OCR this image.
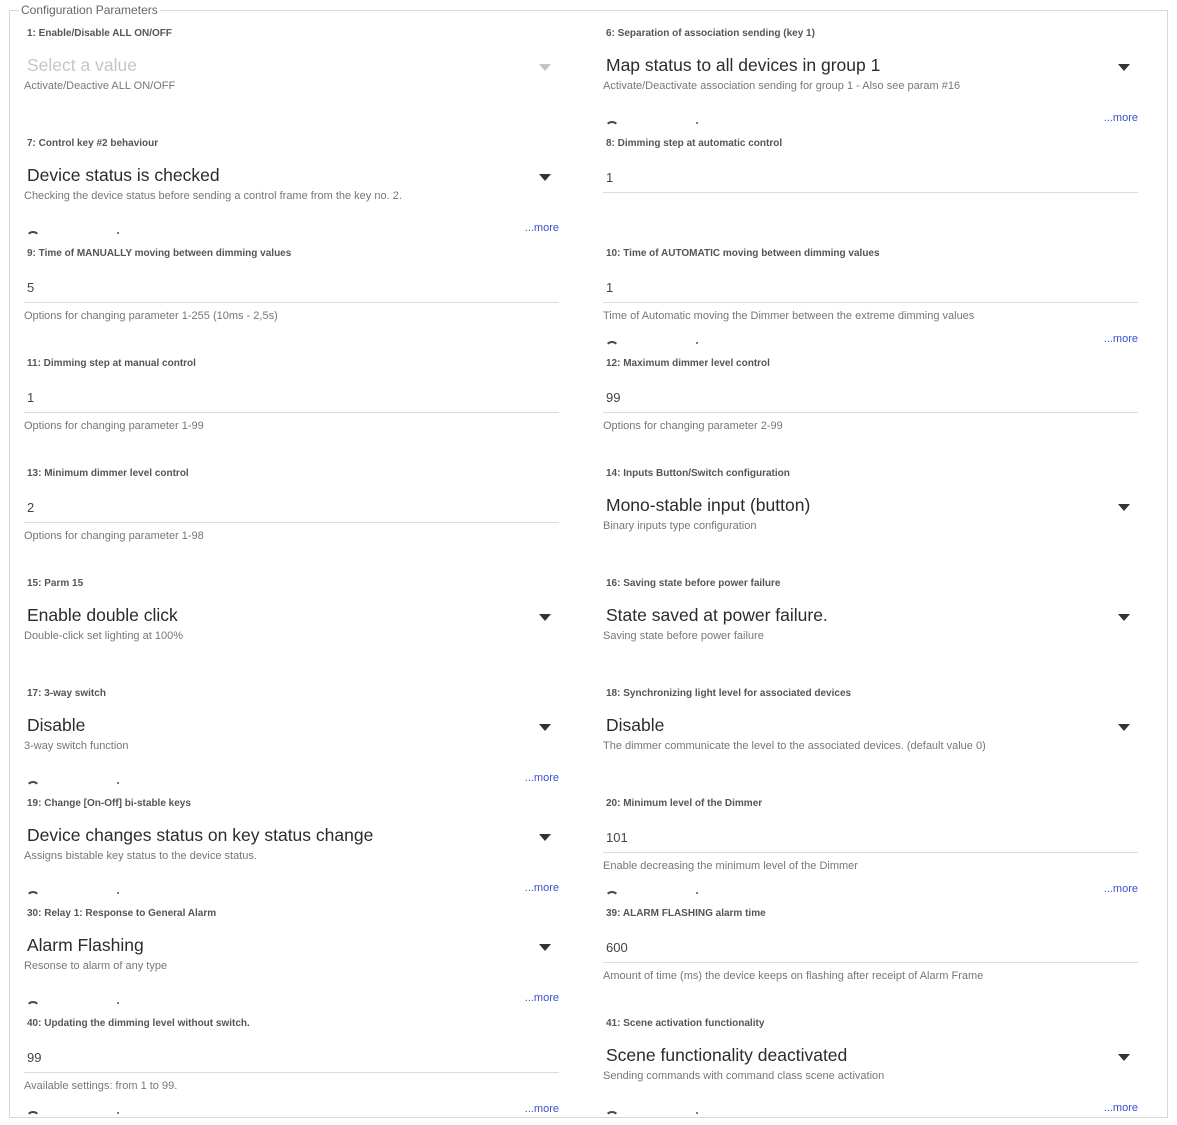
Configuration Parameters
1: Enable/Disable ALL ON/OFF
Select a value
Activate/Deactive ALL ON/OFF
6: Separation of association sending (key 1)
Map status to all devices in group 1
Activate/Deactivate association sending for group 1 - Also see param #16
...more
7: Control key #2 behaviour
Device status is checked
Checking the device status before sending a control frame from the key no. 2.
...more
8: Dimming step at automatic control
1
9: Time of MANUALLY moving between dimming values
5
Options for changing parameter 1-255 (10ms - 2,5s)
10: Time of AUTOMATIC moving between dimming values
1
Time of Automatic moving the Dimmer between the extreme dimming values
...more
11: Dimming step at manual control
1
Options for changing parameter 1-99
12: Maximum dimmer level control
99
Options for changing parameter 2-99
13: Minimum dimmer level control
2
Options for changing parameter 1-98
14: Inputs Button/Switch configuration
Mono-stable input (button)
Binary inputs type configuration
15: Parm 15
Enable double click
Double-click set lighting at 100%
16: Saving state before power failure
State saved at power failure.
Saving state before power failure
17: 3-way switch
Disable
3-way switch function
...more
18: Synchronizing light level for associated devices
Disable
The dimmer communicate the level to the associated devices. (default value 0)
19: Change [On-Off] bi-stable keys
Device changes status on key status change
Assigns bistable key status to the device status.
...more
20: Minimum level of the Dimmer
101
Enable decreasing the minimum level of the Dimmer
...more
30: Relay 1: Response to General Alarm
Alarm Flashing
Resonse to alarm of any type
...more
39: ALARM FLASHING alarm time
600
Amount of time (ms) the device keeps on flashing after receipt of Alarm Frame
40: Updating the dimming level without switch.
99
Available settings: from 1 to 99.
...more
41: Scene activation functionality
Scene functionality deactivated
Sending commands with command class scene activation
...more
